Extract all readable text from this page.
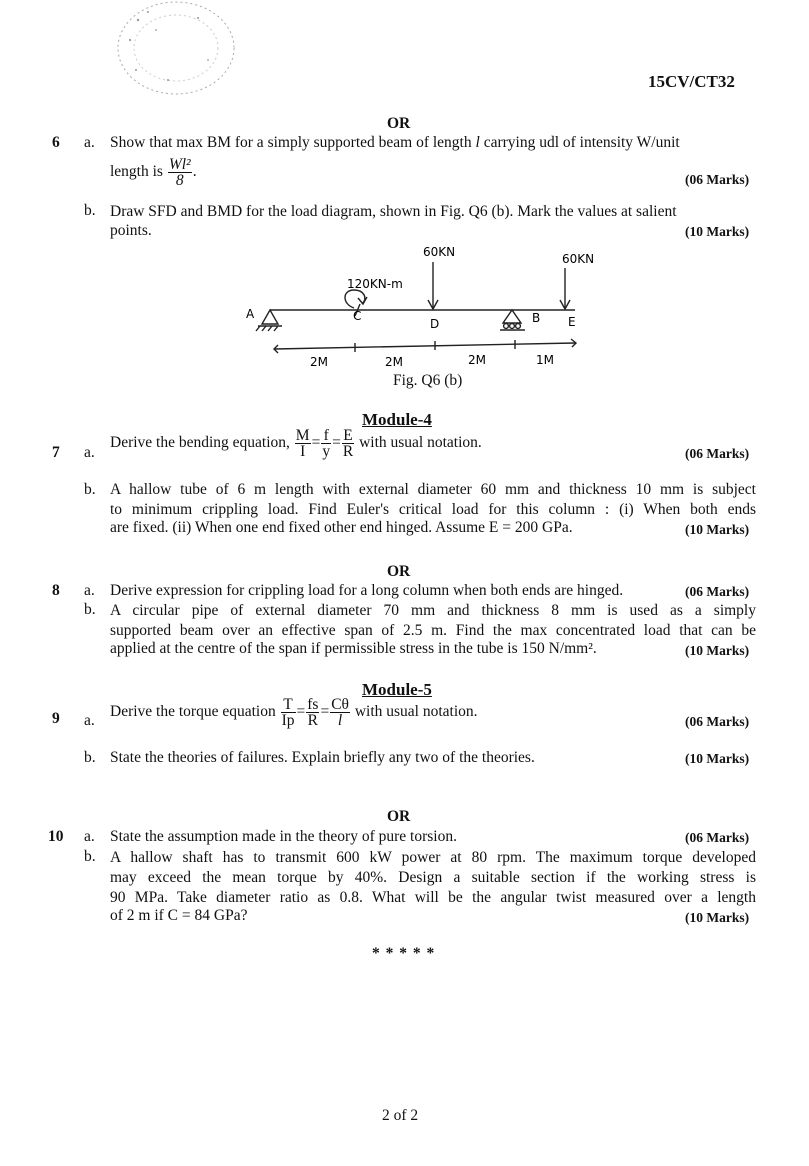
15CV/CT32
OR
6 a. Show that max BM for a simply supported beam of length l carrying udl of intensity W/unit
length is $\frac{\text{Wl²}}{8}$ .	(06 Marks)
b. Draw SFD and BMD for the load diagram, shown in Fig. Q6 (b). Mark the values at salient
points.	(10 Marks)
A	C
D	B E
60KN	60KN
120KN-m
2M	2M	2M	1M
Fig. Q6 (b)
Module-4
7 a.
Derive the bending equation, $\frac{M}{I} = \frac{f}{y} = \frac{E}{R}$ with usual notation.
(06 Marks)
b. A hallow tube of 6 m length with external diameter 60 mm and thickness 10 mm is subject
to minimum crippling load. Find Euler's critical load for this column : (i) When both ends
are fixed. (ii) When one end fixed other end hinged. Assume E = 200 GPa.	(10 Marks)
OR
8 a. Derive expression for crippling load for a long column when both ends are hinged.	(06 Marks)
b. A circular pipe of external diameter 70 mm and thickness 8 mm is used as a simply
supported beam over an effective span of 2.5 m. Find the max concentrated load that can be
applied at the centre of the span if permissible stress in the tube is 150 N/mm².	(10 Marks)
Module-5
9 a.
Derive the torque equation $\frac{T}{Ip} = \frac{fs}{R} = \frac{C\theta}{l}$ with usual notation.
(06 Marks)
b. State the theories of failures. Explain briefly any two of the theories.	(10 Marks)
OR
10 a. State the assumption made in the theory of pure torsion.	(06 Marks)
b. A hallow shaft has to transmit 600 kW power at 80 rpm. The maximum torque developed
may exceed the mean torque by 40%. Design a suitable section if the working stress is
90 MPa. Take diameter ratio as 0.8. What will be the angular twist measured over a length
of 2 m if C = 84 GPa?	(10 Marks)
* * * * *
2 of 2
